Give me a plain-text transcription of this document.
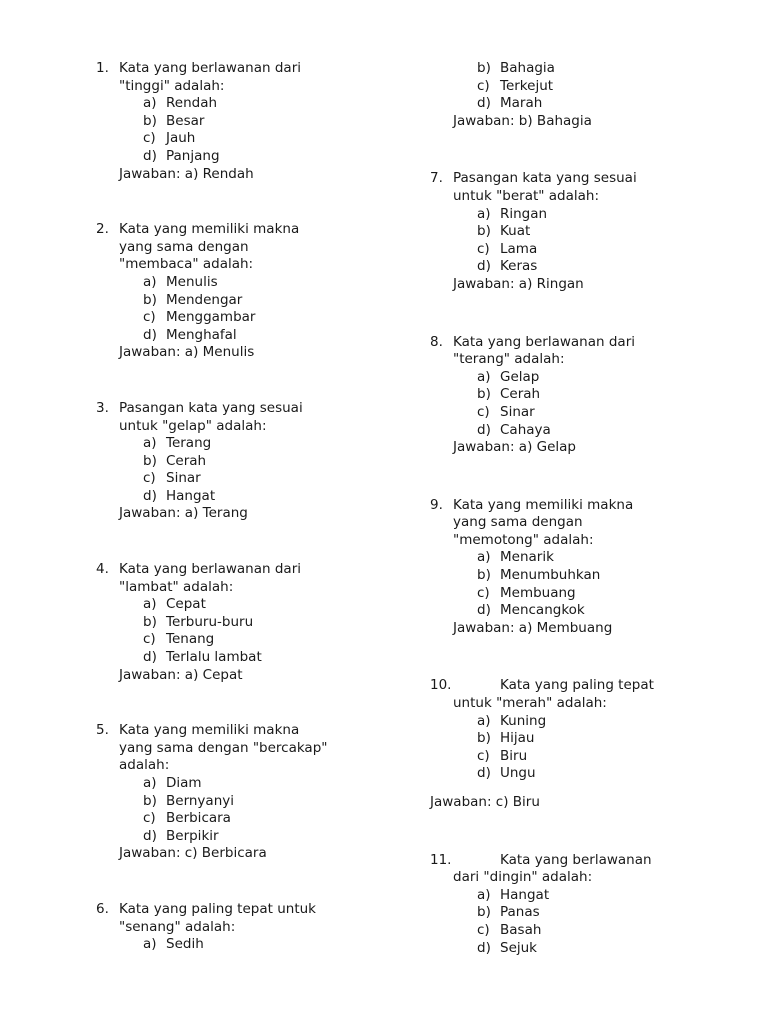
1. Kata yang berlawanan dari
"tinggi" adalah:
a) Rendah
b) Besar
c) Jauh
d) Panjang
Jawaban: a) Rendah
2. Kata yang memiliki makna
yang sama dengan
"membaca" adalah:
a) Menulis
b) Mendengar
c) Menggambar
d) Menghafal
Jawaban: a) Menulis
3. Pasangan kata yang sesuai
untuk "gelap" adalah:
a) Terang
b) Cerah
c) Sinar
d) Hangat
Jawaban: a) Terang
4. Kata yang berlawanan dari
"lambat" adalah:
a) Cepat
b) Terburu-buru
c) Tenang
d) Terlalu lambat
Jawaban: a) Cepat
5. Kata yang memiliki makna
yang sama dengan "bercakap"
adalah:
a) Diam
b) Bernyanyi
c) Berbicara
d) Berpikir
Jawaban: c) Berbicara
6. Kata yang paling tepat untuk
"senang" adalah:
a) Sedih
b) Bahagia
c) Terkejut
d) Marah
Jawaban: b) Bahagia
7. Pasangan kata yang sesuai
untuk "berat" adalah:
a) Ringan
b) Kuat
c) Lama
d) Keras
Jawaban: a) Ringan
8. Kata yang berlawanan dari
"terang" adalah:
a) Gelap
b) Cerah
c) Sinar
d) Cahaya
Jawaban: a) Gelap
9. Kata yang memiliki makna
yang sama dengan
"memotong" adalah:
a) Menarik
b) Menumbuhkan
c) Membuang
d) Mencangkok
Jawaban: a) Membuang
10.	Kata yang paling tepat
untuk "merah" adalah:
a) Kuning
b) Hijau
c) Biru
d) Ungu
Jawaban: c) Biru
11.	Kata yang berlawanan
dari "dingin" adalah:
a) Hangat
b) Panas
c) Basah
d) Sejuk
